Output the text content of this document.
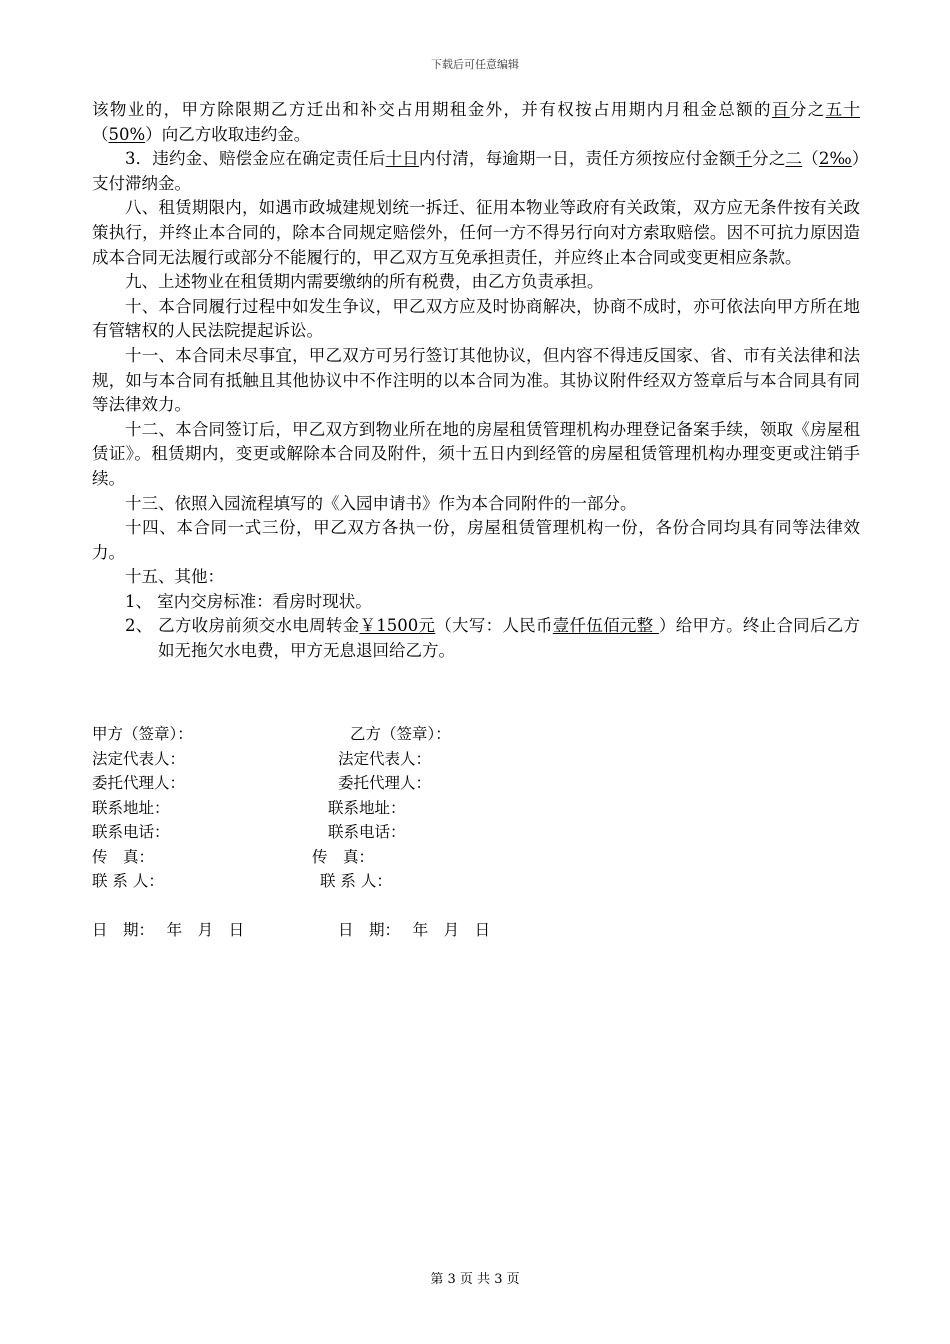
下载后可任意编辑

该物业的，甲方除限期乙方迁出和补交占用期租金外，并有权按占用期内月租金总额的百分之五十（50%）向乙方收取违约金。

3．违约金、赔偿金应在确定责任后十日内付清，每逾期一日，责任方须按应付金额千分之二（2‰）支付滞纳金。

八、租赁期限内，如遇市政城建规划统一拆迁、征用本物业等政府有关政策，双方应无条件按有关政策执行，并终止本合同的，除本合同规定赔偿外，任何一方不得另行向对方索取赔偿。因不可抗力原因造成本合同无法履行或部分不能履行的，甲乙双方互免承担责任，并应终止本合同或变更相应条款。

九、上述物业在租赁期内需要缴纳的所有税费，由乙方负责承担。

十、本合同履行过程中如发生争议，甲乙双方应及时协商解决，协商不成时，亦可依法向甲方所在地有管辖权的人民法院提起诉讼。

十一、本合同未尽事宜，甲乙双方可另行签订其他协议，但内容不得违反国家、省、市有关法律和法规，如与本合同有抵触且其他协议中不作注明的以本合同为准。其协议附件经双方签章后与本合同具有同等法律效力。

十二、本合同签订后，甲乙双方到物业所在地的房屋租赁管理机构办理登记备案手续，领取《房屋租赁证》。租赁期内，变更或解除本合同及附件，须十五日内到经管的房屋租赁管理机构办理变更或注销手续。

十三、依照入园流程填写的《入园申请书》作为本合同附件的一部分。

十四、本合同一式三份，甲乙双方各执一份，房屋租赁管理机构一份，各份合同均具有同等法律效力。

十五、其他：

1、 室内交房标准：看房时现状。

2、 乙方收房前须交水电周转金￥1500元（大写：人民币壹仟伍佰元整 ）给甲方。终止合同后乙方如无拖欠水电费，甲方无息退回给乙方。

甲方（签章）：	乙方（签章）：
法定代表人：	法定代表人：
委托代理人：	委托代理人：
联系地址：	联系地址：
联系电话：	联系电话：
传　真：	传　真：
联 系 人：	联 系 人：
日　期：　 年　月　日	日　期：　 年　月　日
第 3 页 共 3 页
